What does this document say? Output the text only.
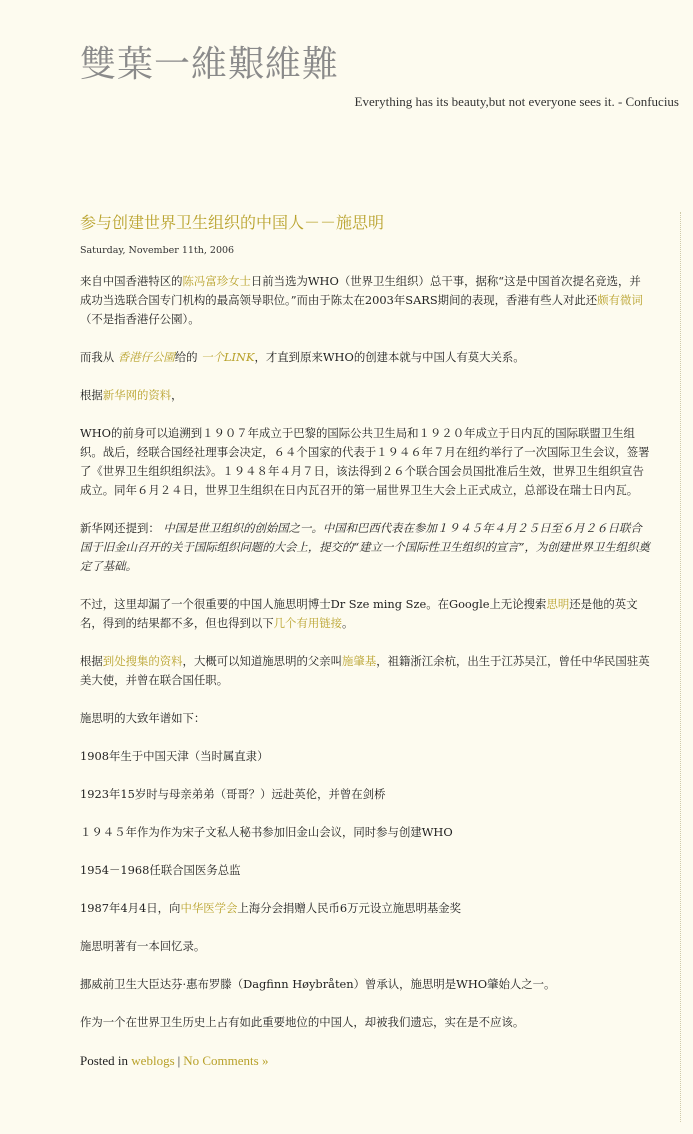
雙葉一維艱維難
Everything has its beauty,but not everyone sees it. - Confucius
参与创建世界卫生组织的中国人－－施思明
Saturday, November 11th, 2006

来自中国香港特区的陈冯富珍女士日前当选为WHO（世界卫生组织）总干事，据称“这是中国首次提名竞选，并成功当选联合国专门机构的最高领导职位。”而由于陈太在2003年SARS期间的表现，香港有些人对此还颇有微词（不是指香港仔公園）。

而我从 香港仔公園给的 一个LINK，才直到原来WHO的创建本就与中国人有莫大关系。

根据新华网的资料，

WHO的前身可以追溯到１９０７年成立于巴黎的国际公共卫生局和１９２０年成立于日内瓦的国际联盟卫生组织。战后，经联合国经社理事会决定，６４个国家的代表于１９４６年７月在纽约举行了一次国际卫生会议，签署了《世界卫生组织组织法》。１９４８年４月７日，该法得到２６个联合国会员国批准后生效，世界卫生组织宣告成立。同年６月２４日，世界卫生组织在日内瓦召开的第一届世界卫生大会上正式成立，总部设在瑞士日内瓦。

新华网还提到： 中国是世卫组织的创始国之一。中国和巴西代表在参加１９４５年４月２５日至６月２６日联合国于旧金山召开的关于国际组织问题的大会上，提交的“建立一个国际性卫生组织的宣言”，为创建世界卫生组织奠定了基础。

不过，这里却漏了一个很重要的中国人施思明博士Dr Sze ming Sze。在Google上无论搜索思明还是他的英文名，得到的结果都不多，但也得到以下几个有用链接。

根据到处搜集的资料，大概可以知道施思明的父亲叫施肇基，祖籍浙江余杭，出生于江苏吴江，曾任中华民国驻英美大使，并曾在联合国任职。

施思明的大致年谱如下：

1908年生于中国天津（当时属直隶）

1923年15岁时与母亲弟弟（哥哥？）远赴英伦，并曾在剑桥

１９４５年作为作为宋子文私人秘书参加旧金山会议，同时参与创建WHO

1954－1968任联合国医务总监

1987年4月4日，向中华医学会上海分会捐赠人民币6万元设立施思明基金奖

施思明著有一本回忆录。

挪威前卫生大臣达芬·惠布罗滕（Dagfinn Høybråten）曾承认，施思明是WHO肇始人之一。

作为一个在世界卫生历史上占有如此重要地位的中国人，却被我们遗忘，实在是不应该。

Posted in weblogs | No Comments »
